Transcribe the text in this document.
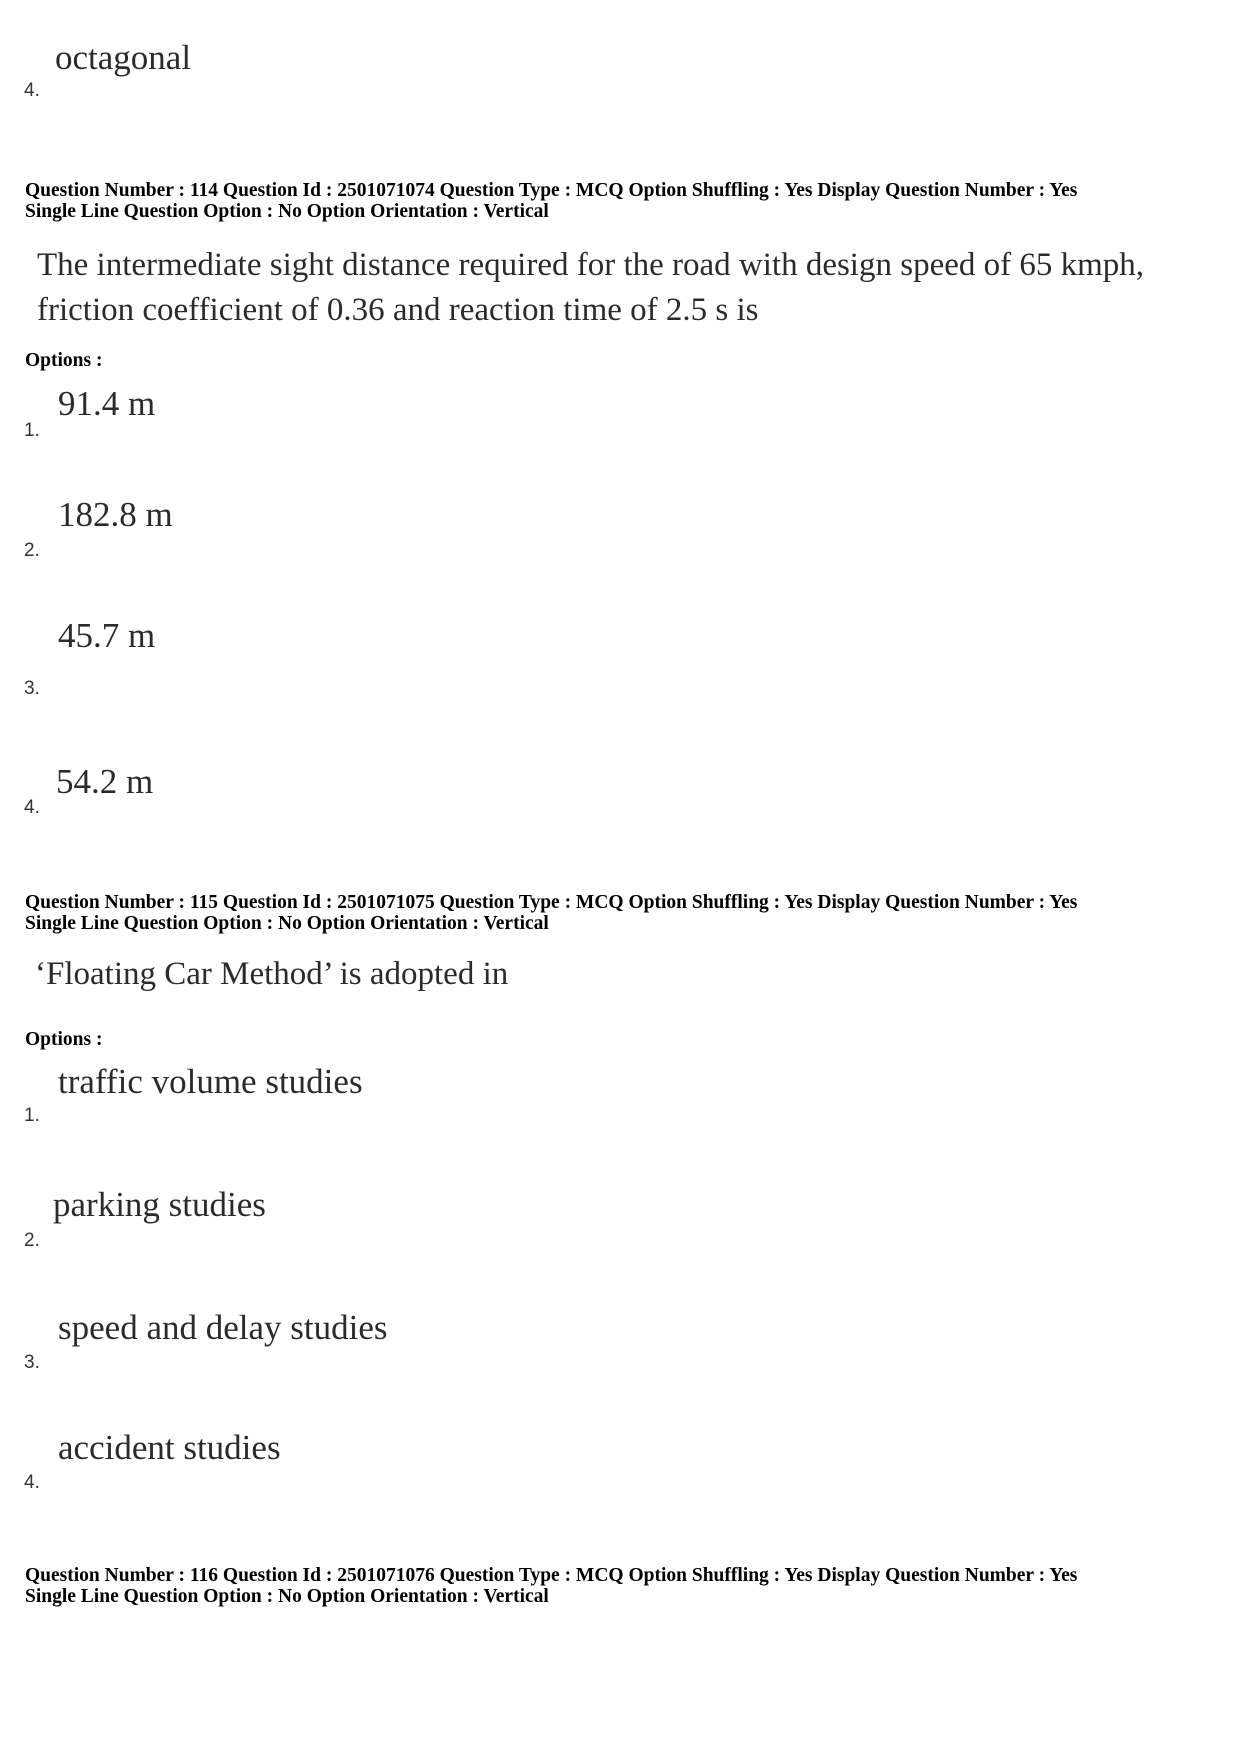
octagonal
4.
Question Number : 114 Question Id : 2501071074 Question Type : MCQ Option Shuffling : Yes Display Question Number : Yes
Single Line Question Option : No Option Orientation : Vertical
The intermediate sight distance required for the road with design speed of 65 kmph,
friction coefficient of 0.36 and reaction time of 2.5 s is
Options :
91.4 m
1.
182.8 m
2.
45.7 m
3.
54.2 m
4.
Question Number : 115 Question Id : 2501071075 Question Type : MCQ Option Shuffling : Yes Display Question Number : Yes
Single Line Question Option : No Option Orientation : Vertical
‘Floating Car Method’ is adopted in
Options :
traffic volume studies
1.
parking studies
2.
speed and delay studies
3.
accident studies
4.
Question Number : 116 Question Id : 2501071076 Question Type : MCQ Option Shuffling : Yes Display Question Number : Yes
Single Line Question Option : No Option Orientation : Vertical
